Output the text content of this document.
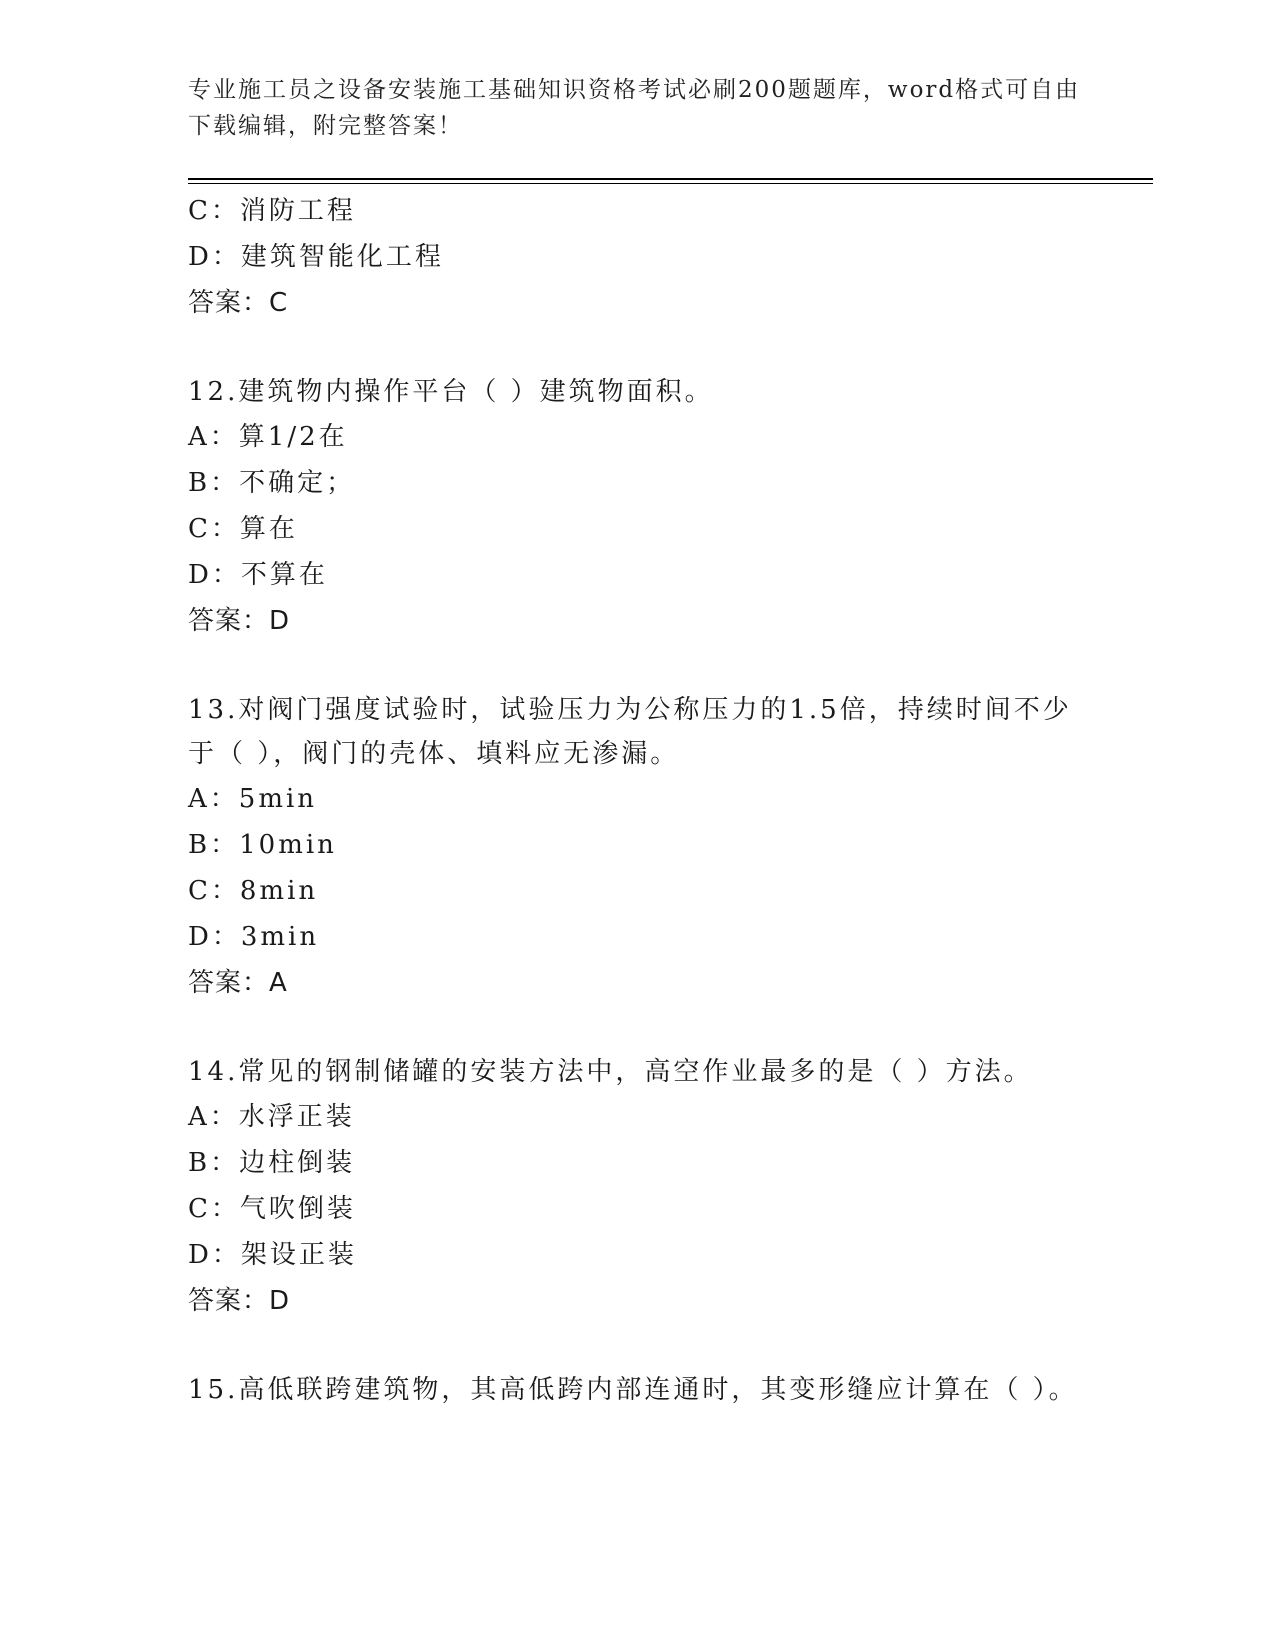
专业施工员之设备安装施工基础知识资格考试必刷200题题库，word格式可自由下载编辑，附完整答案！
C：消防工程
D：建筑智能化工程
答案：C
12.建筑物内操作平台（ ）建筑物面积。
A：算1/2在
B：不确定；
C：算在
D：不算在
答案：D
13.对阀门强度试验时，试验压力为公称压力的1.5倍，持续时间不少于（ ），阀门的壳体、填料应无渗漏。
A：5min
B：10min
C：8min
D：3min
答案：A
14.常见的钢制储罐的安装方法中，高空作业最多的是（ ）方法。
A：水浮正装
B：边柱倒装
C：气吹倒装
D：架设正装
答案：D
15.高低联跨建筑物，其高低跨内部连通时，其变形缝应计算在（ ）。
